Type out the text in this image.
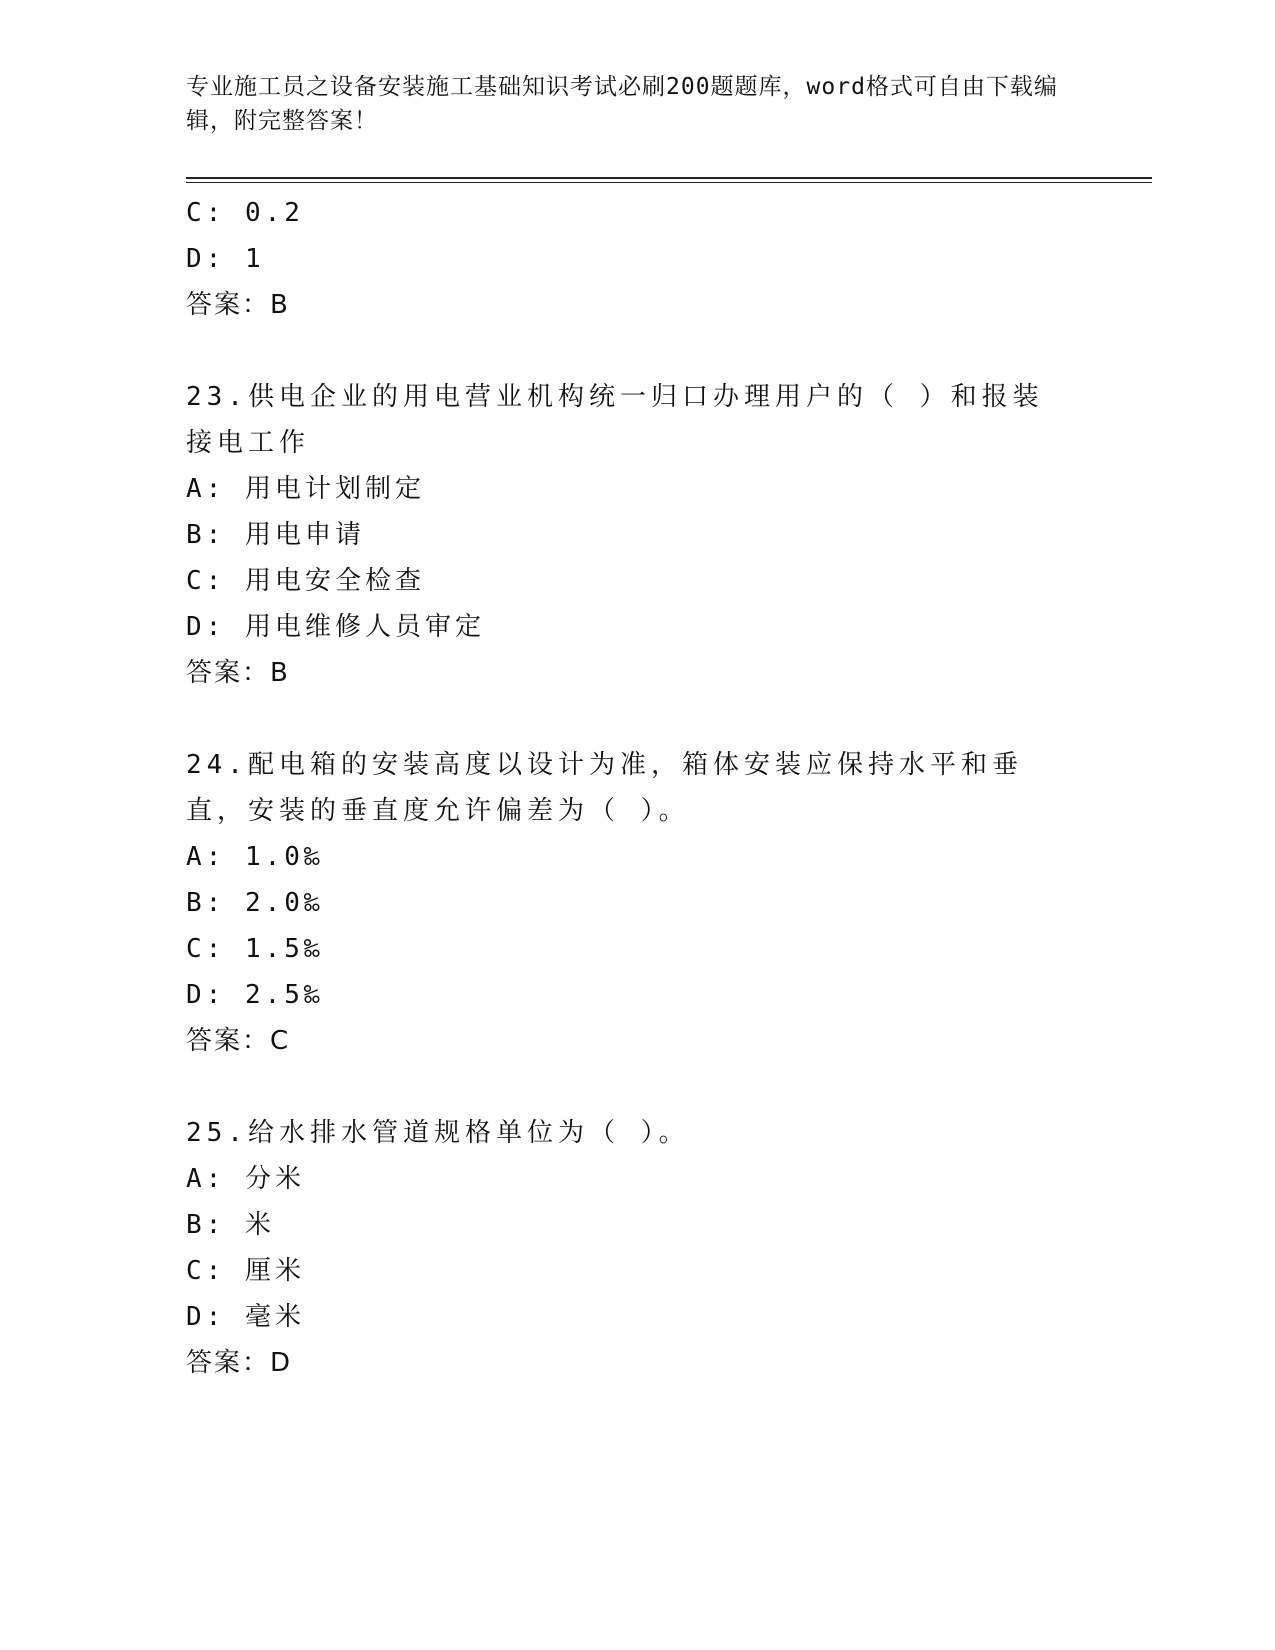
专业施工员之设备安装施工基础知识考试必刷200题题库，word格式可自由下载编辑，附完整答案！
C: 0.2
D: 1
答案：B
23.供电企业的用电营业机构统一归口办理用户的（ ）和报装接电工作
A: 用电计划制定
B: 用电申请
C: 用电安全检查
D: 用电维修人员审定
答案：B
24.配电箱的安装高度以设计为准，箱体安装应保持水平和垂直，安装的垂直度允许偏差为（ ）。
A: 1.0‰
B: 2.0‰
C: 1.5‰
D: 2.5‰
答案：C
25.给水排水管道规格单位为（ ）。
A: 分米
B: 米
C: 厘米
D: 毫米
答案：D
